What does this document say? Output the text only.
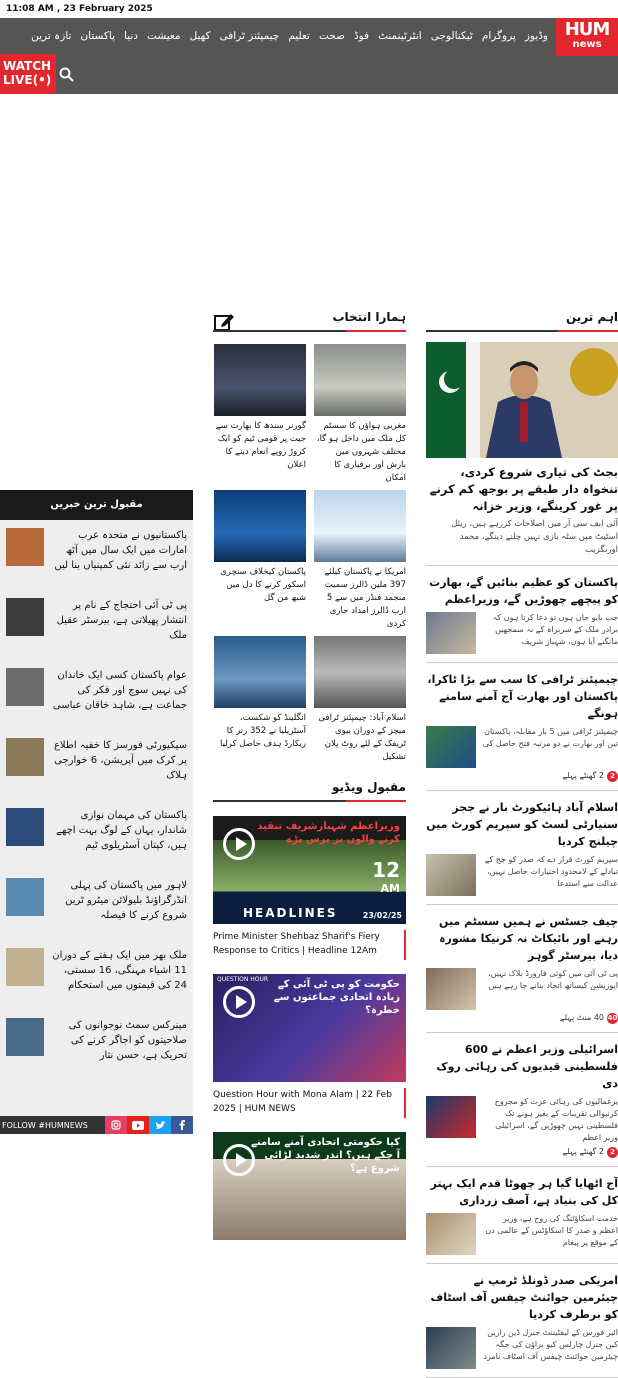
11:08 AM , 23 February 2025
HUM
news
تازہ ترین پاکستان دنیا معیشت کھیل چیمپئنز ٹرافی تعلیم صحت فوڈ انٹرٹینمنٹ ٹیکنالوجی پروگرام وڈیوز
WATCH
LIVE(•)
اہم ترین
بجٹ کی تیاری شروع کردی، تنخواہ دار طبقے پر بوجھ کم کرنے پر غور کرینگے، وزیر خزانہ
آئی ایف سی آر میں اصلاحات کررہے ہیں، ریئل اسٹیٹ میں سٹہ بازی نہیں چلنے دینگے، محمد اورنگزیب
پاکستان کو عظیم بنائیں گے، بھارت کو پیچھے چھوڑیں گے، وزیراعظم
جب بابو جاں ہوں تو دعا کرتا ہوں کہ برادر ملک کے سربراہ کے نہ سمجھیں مانگنے آیا ہوں، شہباز شریف
چیمپئنز ٹرافی کا سب سے بڑا ٹاکرا، پاکستان اور بھارت آج آمنے سامنے ہونگے
چیمپئنز ٹرافی میں 5 بار مقابلہ، پاکستان تین اور بھارت نے دو مرتبہ فتح حاصل کی
22 گھنٹے پہلے
اسلام آباد ہائیکورٹ بار نے ججز سنیارٹی لسٹ کو سپریم کورٹ میں چیلنج کردیا
سپریم کورٹ قرار دے کہ صدر کو جج کے تبادلے کے لامحدود اختیارات حاصل نہیں، عدالت سے استدعا
چیف جسٹس نے ہمیں سسٹم میں رہنے اور بائیکاٹ نہ کرنیکا مشورہ دیا، بیرسٹر گوہر
پی ٹی آئی میں کوئی فارورڈ بلاک نہیں، اپوزیشن کیساتھ اتحاد بنانے جا رہے ہیں
4040 منٹ پہلے
اسرائیلی وزیر اعظم نے 600 فلسطینی قیدیوں کی رہائی روک دی
یرغمالیوں کی رہائی عزت کو مجروح کرنیوالی تقریبات کے بغیر ہونے تک فلسطینی نہیں چھوڑیں گے، اسرائیلی وزیر اعظم
22 گھنٹے پہلے
آج اٹھایا گیا ہر چھوٹا قدم ایک بہتر کل کی بنیاد ہے، آصف زرداری
خدمت اسکاؤٹنگ کی روح ہے، وزیر اعظم و صدر کا اسکاؤٹس کے عالمی دن کے موقع پر پیغام
امریکی صدر ڈونلڈ ٹرمپ نے چیئرمین جوائنٹ چیفس آف اسٹاف کو برطرف کردیا
ائیر فورس کے لیفٹیننٹ جنرل ڈین رازین کین جنرل چارلس کیو براؤن کی جگہ چیئرمین جوائنٹ چیفس آف اسٹاف نامزد
ہمارا انتخاب
مغربی ہواؤں کا سسٹم کل ملک میں داخل ہو گا، مختلف شہروں میں بارش اور برفباری کا امکان
گورنر سندھ کا بھارت سے جیت پر قومی ٹیم کو ایک کروڑ روپے انعام دینے کا اعلان
امریکا نے پاکستان کیلئے 397 ملین ڈالرز سمیت منجمد فنڈز میں سے 5 ارب ڈالرز امداد جاری کردی
پاکستان کیخلاف سنچری اسکور کرنے کا دل میں شبھ من گل
اسلام آباد: چیمپئنز ٹرافی میچز کے دوران بیوی ٹریفک کے لئے روٹ پلان تشکیل
انگلینڈ کو شکست، آسٹریلیا نے 352 رنز کا ریکارڈ ہدف حاصل کرلیا
مقبول ویڈیو
وزیراعظم شہبازشریف تنقید کرنے والوں پر برس پڑے
12
AM
HEADLINES	23/02/25
Prime Minister Shehbaz Sharif's Fiery Response to Critics | Headline 12Am
حکومت کو پی ٹی آئی کے زیادہ اتحادی جماعتوں سے خطرہ؟
QUESTION HOUR
Question Hour with Mona Alam | 22 Feb 2025 | HUM NEWS
کیا حکومتی اتحادی آمنے سامنے آ چکے ہیں؟ اندر شدید لڑائی شروع ہے؟
مقبول ترین خبریں
پاکستانیوں نے متحدہ عرب امارات میں ایک سال میں آٹھ ارب سے زائد نئی کمپنیاں بنا لیں
پی ٹی آئی احتجاج کے نام پر انتشار پھیلاتی ہے، بیرسٹر عقیل ملک
عوام پاکستان کسی ایک خاندان کی نہیں سوچ اور فکر کی جماعت ہے، شاہد خاقان عباسی
سیکیورٹی فورسز کا خفیہ اطلاع پر کرک میں آپریشن، 6 خوارجی ہلاک
پاکستان کی مہمان نوازی شاندار، یہاں کے لوگ بہت اچھے ہیں، کپتان آسٹریلوی ٹیم
لاہور میں پاکستان کی پہلی انڈرگراؤنڈ بلیولائن میٹرو ٹرین شروع کرنے کا فیصلہ
ملک بھر میں ایک ہفتے کے دوران 11 اشیاء مہنگی، 16 سستی، 24 کی قیمتوں میں استحکام
مینرکس سمٹ نوجوانوں کی صلاحیتوں کو اجاگر کرنے کی تحریک ہے، حسن نثار
FOLLOW #HUMNEWS
